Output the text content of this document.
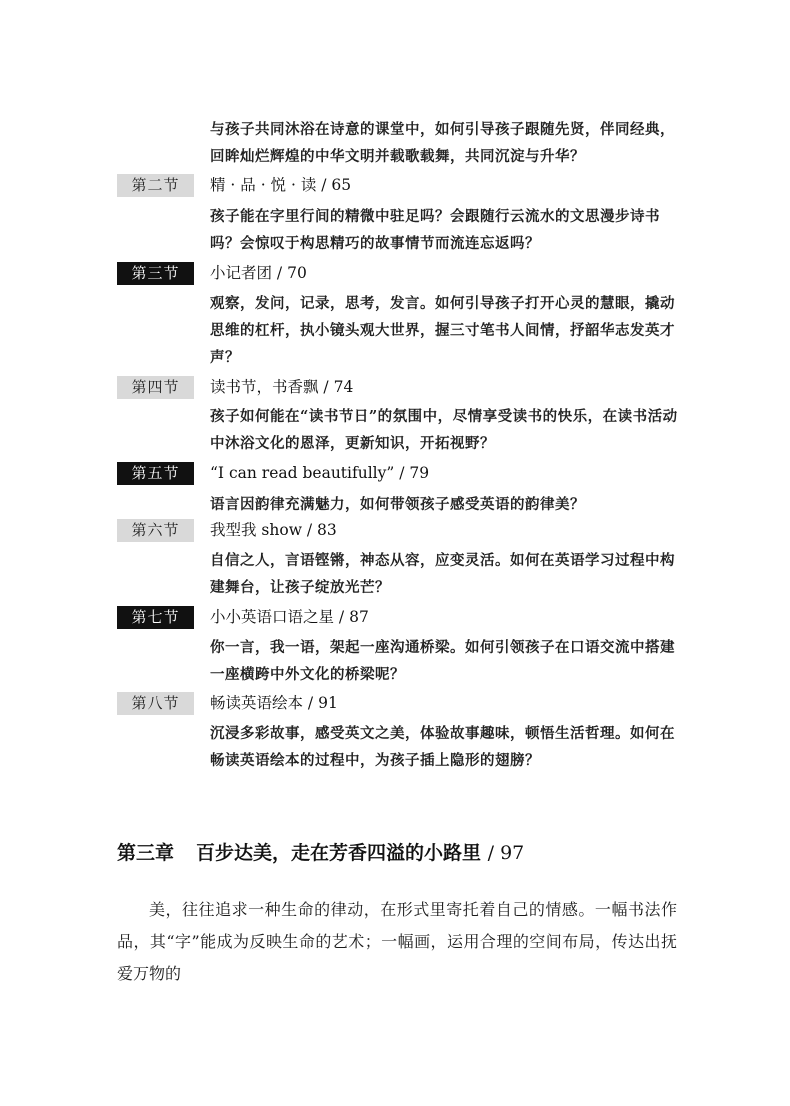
与孩子共同沐浴在诗意的课堂中，如何引导孩子跟随先贤，伴同经典，回眸灿烂辉煌的中华文明并载歌载舞，共同沉淀与升华？
第二节	精 · 品 · 悦 · 读 / 65
孩子能在字里行间的精微中驻足吗？会跟随行云流水的文思漫步诗书吗？会惊叹于构思精巧的故事情节而流连忘返吗？
第三节	小记者团 / 70
观察，发问，记录，思考，发言。如何引导孩子打开心灵的慧眼，撬动思维的杠杆，执小镜头观大世界，握三寸笔书人间情，抒韶华志发英才声？
第四节	读书节，书香飘 / 74
孩子如何能在“读书节日”的氛围中，尽情享受读书的快乐，在读书活动中沐浴文化的恩泽，更新知识，开拓视野？
第五节	“I can read beautifully” / 79
语言因韵律充满魅力，如何带领孩子感受英语的韵律美？
第六节	我型我 show / 83
自信之人，言语铿锵，神态从容，应变灵活。如何在英语学习过程中构建舞台，让孩子绽放光芒？
第七节	小小英语口语之星 / 87
你一言，我一语，架起一座沟通桥梁。如何引领孩子在口语交流中搭建一座横跨中外文化的桥梁呢？
第八节	畅读英语绘本 / 91
沉浸多彩故事，感受英文之美，体验故事趣味，顿悟生活哲理。如何在畅读英语绘本的过程中，为孩子插上隐形的翅膀？
第三章 百步达美，走在芳香四溢的小路里 / 97
美，往往追求一种生命的律动，在形式里寄托着自己的情感。一幅书法作品，其“字”能成为反映生命的艺术；一幅画，运用合理的空间布局，传达出抚爱万物的
